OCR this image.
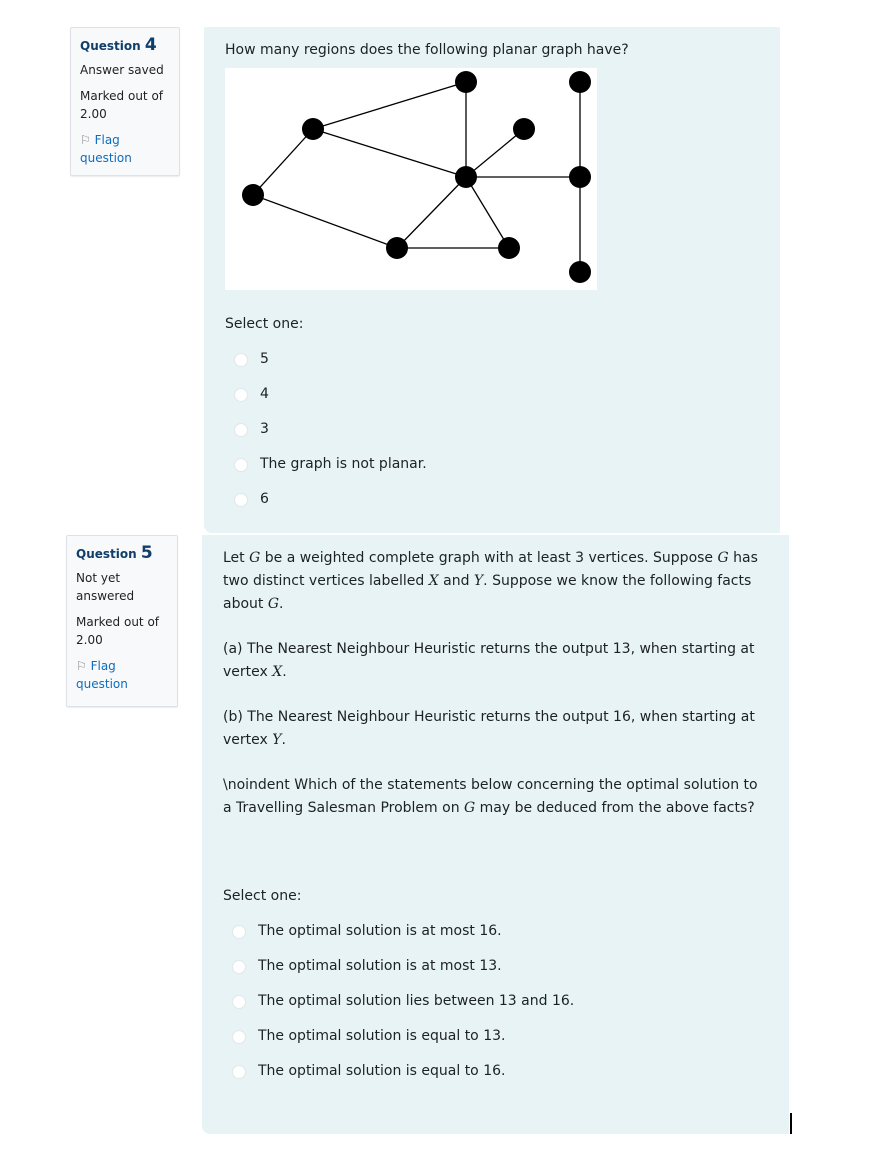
Question 4

Answer saved

Marked out of 2.00

⚐ Flag question

How many regions does the following planar graph have?

Select one:

5
4
3
The graph is not planar.
6
Question 5

Not yet answered

Marked out of 2.00

⚐ Flag question

Let G be a weighted complete graph with at least 3 vertices. Suppose G has two distinct vertices labelled X and Y. Suppose we know the following facts about G.

(a) The Nearest Neighbour Heuristic returns the output 13, when starting at vertex X.

(b) The Nearest Neighbour Heuristic returns the output 16, when starting at vertex Y.

\noindent Which of the statements below concerning the optimal solution to a Travelling Salesman Problem on G may be deduced from the above facts?

Select one:

The optimal solution is at most 16.
The optimal solution is at most 13.
The optimal solution lies between 13 and 16.
The optimal solution is equal to 13.
The optimal solution is equal to 16.
